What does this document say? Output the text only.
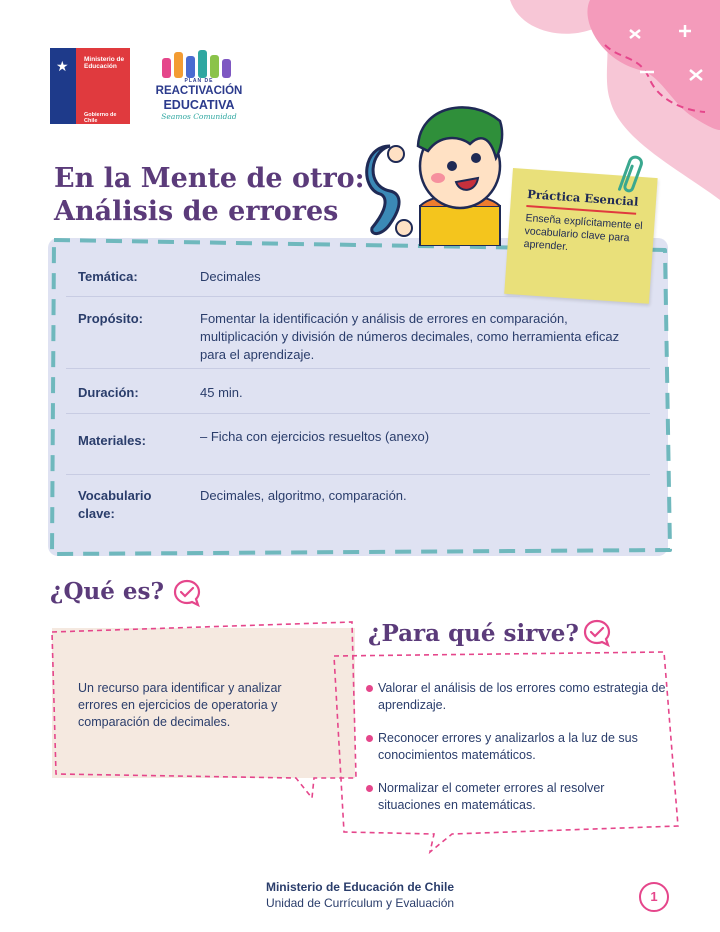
★ Ministerio de Educación
Gobierno de Chile
PLAN DE
REACTIVACIÓN
EDUCATIVA
Seamos Comunidad
En la Mente de otro:
Análisis de errores	Práctica Esencial
Enseña explícitamente el vocabulario clave para aprender.
Temática:	Decimales
Propósito:	Fomentar la identificación y análisis de errores en comparación, multiplicación y división de números decimales, como herramienta eficaz para el aprendizaje.
Duración:	45 min.
Materiales:	– Ficha con ejercicios resueltos (anexo)
Vocabulario clave:
Decimales, algoritmo, comparación.
¿Qué es?
Un recurso para identificar y analizar errores en ejercicios de operatoria y comparación de decimales.
¿Para qué sirve?
Valorar el análisis de los errores como estrategia de aprendizaje.
Reconocer errores y analizarlos a la luz de sus conocimientos matemáticos.
Normalizar el cometer errores al resolver situaciones en matemáticas.
Ministerio de Educación de Chile
Unidad de Currículum y Evaluación	1
